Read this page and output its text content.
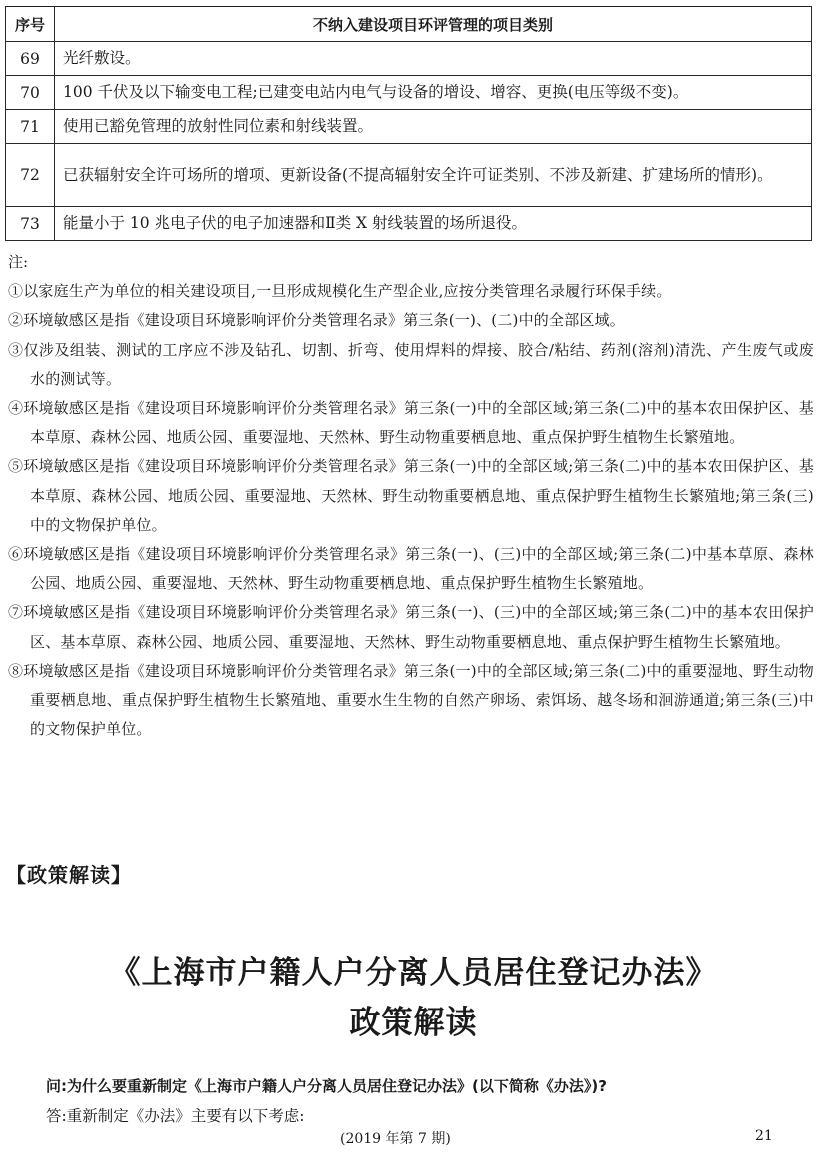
序号	不纳入建设项目环评管理的项目类别
69	光纤敷设。
70	100 千伏及以下输变电工程;已建变电站内电气与设备的增设、增容、更换(电压等级不变)。
71	使用已豁免管理的放射性同位素和射线装置。
72	已获辐射安全许可场所的增项、更新设备(不提高辐射安全许可证类别、不涉及新建、扩建场所的情形)。
73	能量小于 10 兆电子伏的电子加速器和Ⅱ类 X 射线装置的场所退役。

注:

①以家庭生产为单位的相关建设项目,一旦形成规模化生产型企业,应按分类管理名录履行环保手续。

②环境敏感区是指《建设项目环境影响评价分类管理名录》第三条(一)、(二)中的全部区域。

③仅涉及组装、测试的工序应不涉及钻孔、切割、折弯、使用焊料的焊接、胶合/粘结、药剂(溶剂)清洗、产生废气或废水的测试等。

④环境敏感区是指《建设项目环境影响评价分类管理名录》第三条(一)中的全部区域;第三条(二)中的基本农田保护区、基本草原、森林公园、地质公园、重要湿地、天然林、野生动物重要栖息地、重点保护野生植物生长繁殖地。

⑤环境敏感区是指《建设项目环境影响评价分类管理名录》第三条(一)中的全部区域;第三条(二)中的基本农田保护区、基本草原、森林公园、地质公园、重要湿地、天然林、野生动物重要栖息地、重点保护野生植物生长繁殖地;第三条(三)中的文物保护单位。

⑥环境敏感区是指《建设项目环境影响评价分类管理名录》第三条(一)、(三)中的全部区域;第三条(二)中基本草原、森林公园、地质公园、重要湿地、天然林、野生动物重要栖息地、重点保护野生植物生长繁殖地。

⑦环境敏感区是指《建设项目环境影响评价分类管理名录》第三条(一)、(三)中的全部区域;第三条(二)中的基本农田保护区、基本草原、森林公园、地质公园、重要湿地、天然林、野生动物重要栖息地、重点保护野生植物生长繁殖地。

⑧环境敏感区是指《建设项目环境影响评价分类管理名录》第三条(一)中的全部区域;第三条(二)中的重要湿地、野生动物重要栖息地、重点保护野生植物生长繁殖地、重要水生生物的自然产卵场、索饵场、越冬场和洄游通道;第三条(三)中的文物保护单位。

【政策解读】
《上海市户籍人户分离人员居住登记办法》
政策解读

问:为什么要重新制定《上海市户籍人户分离人员居住登记办法》(以下简称《办法》)?

答:重新制定《办法》主要有以下考虑:

(2019 年第 7 期)	21
